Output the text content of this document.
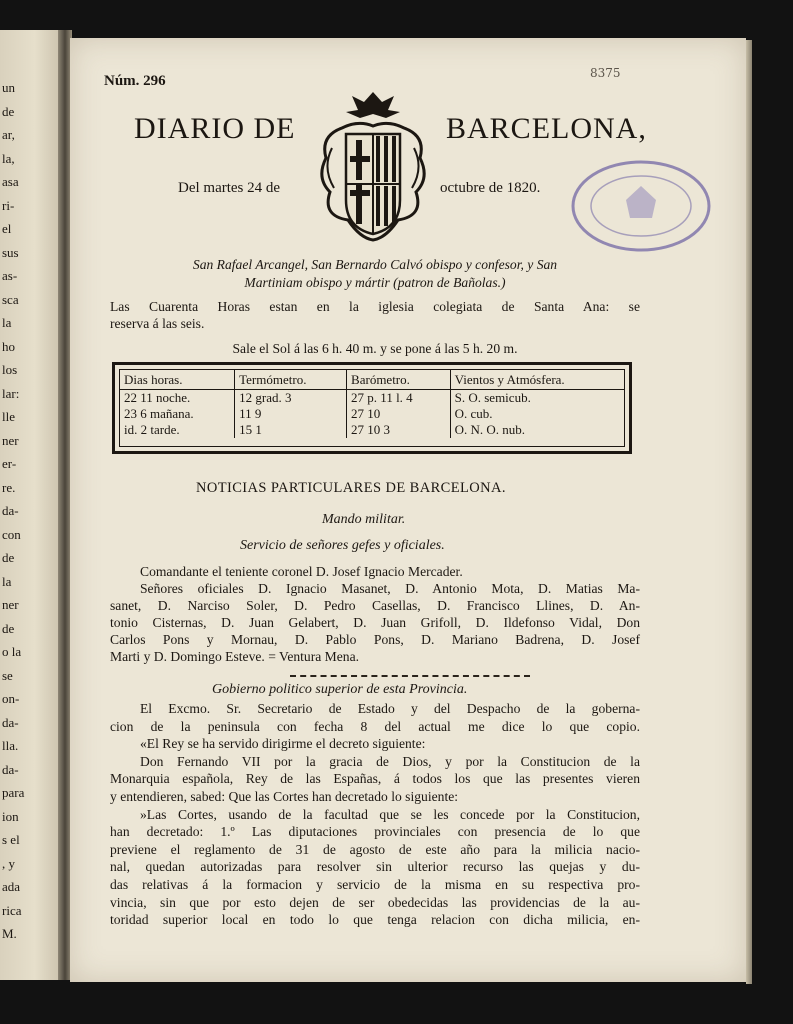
un
de
ar,
la,
asa
ri-
el
sus
as-
sca
la
ho
los
lar:
lle
ner
er-
re.
da-
con
de
la
ner
de
o la
se
on-
da-
lla.
da-
para
ion
s el
, y
ada
rica
M.
Núm. 296	8375
DIARIO DE	BARCELONA,
Del martes 24 de	octubre de 1820.
San Rafael Arcangel, San Bernardo Calvó obispo y confesor, y San
Martiniam obispo y mártir (patron de Bañolas.)
Las Cuarenta Horas estan en la iglesia colegiata de Santa Ana: se
reserva á las seis.
Sale el Sol á las 6 h. 40 m. y se pone á las 5 h. 20 m.
Dias horas.	Termómetro.	Barómetro.	Vientos y Atmósfera.
22 11 noche.	12 grad. 3	27 p. 11 l. 4	S. O. semicub.
23 6 mañana.	11 9	27 10	O. cub.
id. 2 tarde.	15 1	27 10 3	O. N. O. nub.
NOTICIAS PARTICULARES DE BARCELONA.
Mando militar.
Servicio de señores gefes y oficiales.
Comandante el teniente coronel D. Josef Ignacio Mercader.
Señores oficiales D. Ignacio Masanet, D. Antonio Mota, D. Matias Ma-
sanet, D. Narciso Soler, D. Pedro Casellas, D. Francisco Llines, D. An-
tonio Cisternas, D. Juan Gelabert, D. Juan Grifoll, D. Ildefonso Vidal, Don
Carlos Pons y Mornau, D. Pablo Pons, D. Mariano Badrena, D. Josef
Marti y D. Domingo Esteve. = Ventura Mena.
Gobierno politico superior de esta Provincia.
El Excmo. Sr. Secretario de Estado y del Despacho de la goberna-
cion de la peninsula con fecha 8 del actual me dice lo que copio.
«El Rey se ha servido dirigirme el decreto siguiente:
Don Fernando VII por la gracia de Dios, y por la Constitucion de la
Monarquia española, Rey de las Españas, á todos los que las presentes vieren
y entendieren, sabed: Que las Cortes han decretado lo siguiente:
»Las Cortes, usando de la facultad que se les concede por la Constitucion,
han decretado: 1.º Las diputaciones provinciales con presencia de lo que
previene el reglamento de 31 de agosto de este año para la milicia nacio-
nal, quedan autorizadas para resolver sin ulterior recurso las quejas y du-
das relativas á la formacion y servicio de la misma en su respectiva pro-
vincia, sin que por esto dejen de ser obedecidas las providencias de la au-
toridad superior local en todo lo que tenga relacion con dicha milicia, en-
